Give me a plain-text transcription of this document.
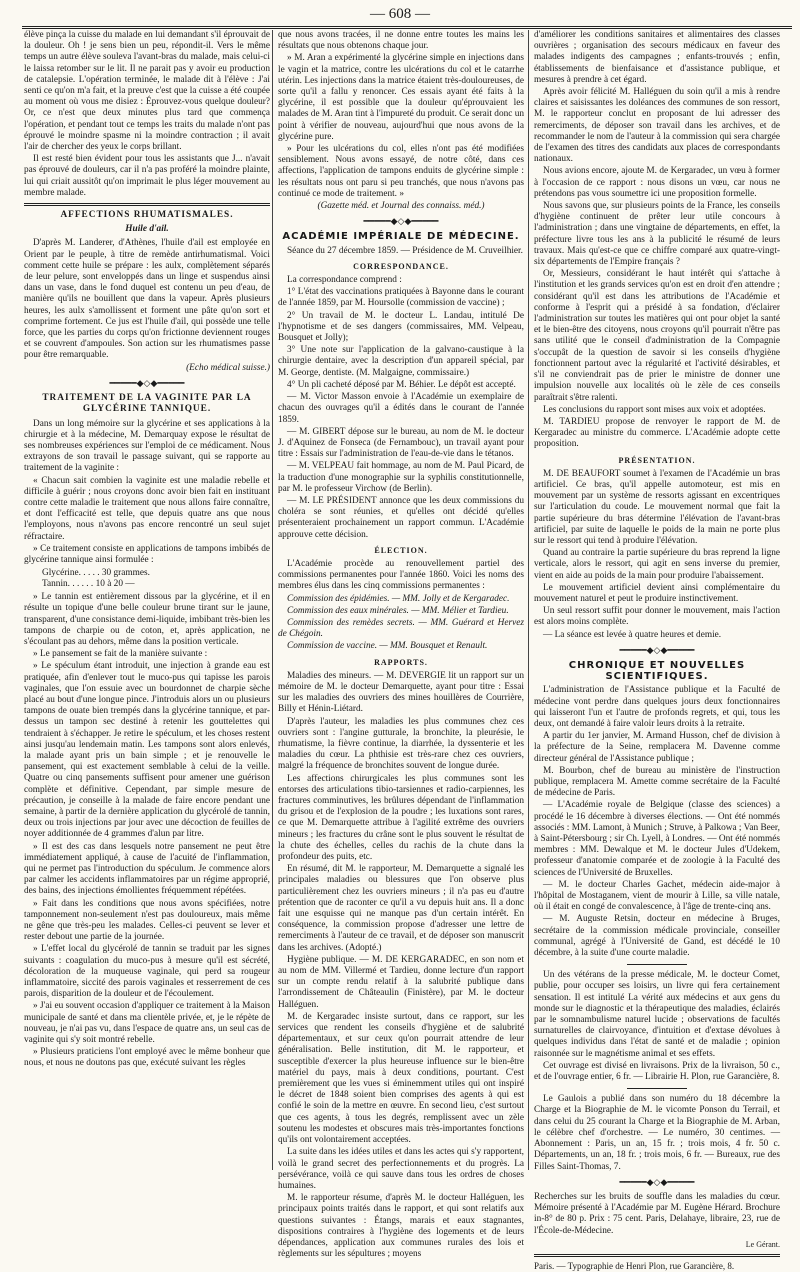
— 608 —

élève pinça la cuisse du malade en lui demandant s'il éprouvait de la douleur. Oh ! je sens bien un peu, répondit-il. Vers le même temps un autre élève souleva l'avant-bras du malade, mais celui-ci le laissa retomber sur le lit. Il ne parait pas y avoir eu production de catalepsie. L'opération terminée, le malade dit à l'élève : J'ai senti ce qu'on m'a fait, et la preuve c'est que la cuisse a été coupée au moment où vous me disiez : Éprouvez-vous quelque douleur? Or, ce n'est que deux minutes plus tard que commença l'opération, et pendant tout ce temps les traits du malade n'ont pas éprouvé le moindre spasme ni la moindre contraction ; il avait l'air de chercher des yeux le corps brillant.

Il est resté bien évident pour tous les assistants que J... n'avait pas éprouvé de douleurs, car il n'a pas proféré la moindre plainte, lui qui criait aussitôt qu'on imprimait le plus léger mouvement au membre malade.

AFFECTIONS RHUMATISMALES.
Huile d'ail.

D'après M. Landerer, d'Athènes, l'huile d'ail est employée en Orient par le peuple, à titre de remède antirhumatismal. Voici comment cette huile se prépare : les aulx, complètement séparés de leur pelure, sont enveloppés dans un linge et suspendus ainsi dans un vase, dans le fond duquel est contenu un peu d'eau, de manière qu'ils ne bouillent que dans la vapeur. Après plusieurs heures, les aulx s'amollissent et forment une pâte qu'on sort et comprime fortement. Ce jus est l'huile d'ail, qui possède une telle force, que les parties du corps qu'on frictionne deviennent rouges et se couvrent d'ampoules. Son action sur les rhumatismes passe pour être remarquable.

(Echo médical suisse.)
━━━━━◆◇◆━━━━━
TRAITEMENT DE LA VAGINITE PAR LA GLYCÉRINE TANNIQUE.

Dans un long mémoire sur la glycérine et ses applications à la chirurgie et à la médecine, M. Demarquay expose le résultat de ses nombreuses expériences sur l'emploi de ce médicament. Nous extrayons de son travail le passage suivant, qui se rapporte au traitement de la vaginite :

« Chacun sait combien la vaginite est une maladie rebelle et difficile à guérir ; nous croyons donc avoir bien fait en instituant contre cette maladie le traitement que nous allons faire connaître, et dont l'efficacité est telle, que depuis quatre ans que nous l'employons, nous n'avons pas encore rencontré un seul sujet réfractaire.

» Ce traitement consiste en applications de tampons imbibés de glycérine tannique ainsi formulée :

Glycérine. . . . . 30 grammes.
Tannin. . . . . . 10 à 20 —

» Le tannin est entièrement dissous par la glycérine, et il en résulte un topique d'une belle couleur brune tirant sur le jaune, transparent, d'une consistance demi-liquide, imbibant très-bien les tampons de charpie ou de coton, et, après application, ne s'écoulant pas au dehors, même dans la position verticale.

» Le pansement se fait de la manière suivante :

» Le spéculum étant introduit, une injection à grande eau est pratiquée, afin d'enlever tout le muco-pus qui tapisse les parois vaginales, que l'on essuie avec un bourdonnet de charpie sèche placé au bout d'une longue pince. J'introduis alors un ou plusieurs tampons de ouate bien trempés dans la glycérine tannique, et par-dessus un tampon sec destiné à retenir les gouttelettes qui tendraient à s'échapper. Je retire le spéculum, et les choses restent ainsi jusqu'au lendemain matin. Les tampons sont alors enlevés, la malade ayant pris un bain simple ; et je renouvelle le pansement, qui est exactement semblable à celui de la veille. Quatre ou cinq pansements suffisent pour amener une guérison complète et définitive. Cependant, par simple mesure de précaution, je conseille à la malade de faire encore pendant une semaine, à partir de la dernière application du glycérolé de tannin, deux ou trois injections par jour avec une décoction de feuilles de noyer additionnée de 4 grammes d'alun par litre.

» Il est des cas dans lesquels notre pansement ne peut être immédiatement appliqué, à cause de l'acuité de l'inflammation, qui ne permet pas l'introduction du spéculum. Je commence alors par calmer les accidents inflammatoires par un régime approprié, des bains, des injections émollientes fréquemment répétées.

» Fait dans les conditions que nous avons spécifiées, notre tamponnement non-seulement n'est pas douloureux, mais même ne gêne que très-peu les malades. Celles-ci peuvent se lever et rester debout une partie de la journée.

» L'effet local du glycérolé de tannin se traduit par les signes suivants : coagulation du muco-pus à mesure qu'il est sécrété, décoloration de la muqueuse vaginale, qui perd sa rougeur inflammatoire, siccité des parois vaginales et resserrement de ces parois, disparition de la douleur et de l'écoulement.

» J'ai eu souvent occasion d'appliquer ce traitement à la Maison municipale de santé et dans ma clientèle privée, et, je le répète de nouveau, je n'ai pas vu, dans l'espace de quatre ans, un seul cas de vaginite qui s'y soit montré rebelle.

» Plusieurs praticiens l'ont employé avec le même bonheur que nous, et nous ne doutons pas que, exécuté suivant les règles

que nous avons tracées, il ne donne entre toutes les mains les résultats que nous obtenons chaque jour.

» M. Aran a expérimenté la glycérine simple en injections dans le vagin et la matrice, contre les ulcérations du col et le catarrhe utérin. Les injections dans la matrice étaient très-douloureuses, de sorte qu'il a fallu y renoncer. Ces essais ayant été faits à la glycérine, il est possible que la douleur qu'éprouvaient les malades de M. Aran tint à l'impureté du produit. Ce serait donc un point à vérifier de nouveau, aujourd'hui que nous avons de la glycérine pure.

» Pour les ulcérations du col, elles n'ont pas été modifiées sensiblement. Nous avons essayé, de notre côté, dans ces affections, l'application de tampons enduits de glycérine simple : les résultats nous ont paru si peu tranchés, que nous n'avons pas continué ce mode de traitement. »

(Gazette méd. et Journal des connaiss. méd.)
━━━━━◆◇◆━━━━━
ACADÉMIE IMPÉRIALE DE MÉDECINE.

Séance du 27 décembre 1859. — Présidence de M. Cruveilhier.

CORRESPONDANCE.

La correspondance comprend :

1° L'état des vaccinations pratiquées à Bayonne dans le courant de l'année 1859, par M. Hoursolle (commission de vaccine) ;

2° Un travail de M. le docteur L. Landau, intitulé De l'hypnotisme et de ses dangers (commissaires, MM. Velpeau, Bousquet et Jolly);

3° Une note sur l'application de la galvano-caustique à la chirurgie dentaire, avec la description d'un appareil spécial, par M. George, dentiste. (M. Malgaigne, commissaire.)

4° Un pli cacheté déposé par M. Béhier. Le dépôt est accepté.

— M. Victor Masson envoie à l'Académie un exemplaire de chacun des ouvrages qu'il a édités dans le courant de l'année 1859.

— M. GIBERT dépose sur le bureau, au nom de M. le docteur J. d'Aquinez de Fonseca (de Fernambouc), un travail ayant pour titre : Essais sur l'administration de l'eau-de-vie dans le tétanos.

— M. VELPEAU fait hommage, au nom de M. Paul Picard, de la traduction d'une monographie sur la syphilis constitutionnelle, par M. le professeur Virchow (de Berlin).

— M. LE PRÉSIDENT annonce que les deux commissions du choléra se sont réunies, et qu'elles ont décidé qu'elles présenteraient prochainement un rapport commun. L'Académie approuve cette décision.

ÉLECTION.

L'Académie procède au renouvellement partiel des commissions permanentes pour l'année 1860. Voici les noms des membres élus dans les cinq commissions permanentes :

Commission des épidémies. — MM. Jolly et de Kergaradec.

Commission des eaux minérales. — MM. Mélier et Tardieu.

Commission des remèdes secrets. — MM. Guérard et Hervez de Chégoin.

Commission de vaccine. — MM. Bousquet et Renault.

RAPPORTS.

Maladies des mineurs. — M. DEVERGIE lit un rapport sur un mémoire de M. le docteur Demarquette, ayant pour titre : Essai sur les maladies des ouvriers des mines houillères de Courrière, Billy et Hénin-Liétard.

D'après l'auteur, les maladies les plus communes chez ces ouvriers sont : l'angine gutturale, la bronchite, la pleurésie, le rhumatisme, la fièvre continue, la diarrhée, la dyssenterie et les maladies du cœur. La phthisie est très-rare chez ces ouvriers, malgré la fréquence de bronchites souvent de longue durée.

Les affections chirurgicales les plus communes sont les entorses des articulations tibio-tarsiennes et radio-carpiennes, les fractures comminutives, les brûlures dépendant de l'inflammation du grisou et de l'explosion de la poudre ; les luxations sont rares, ce que M. Demarquette attribue à l'agilité extrême des ouvriers mineurs ; les fractures du crâne sont le plus souvent le résultat de la chute des échelles, celles du rachis de la chute dans la profondeur des puits, etc.

En résumé, dit M. le rapporteur, M. Demarquette a signalé les principales maladies ou blessures que l'on observe plus particulièrement chez les ouvriers mineurs ; il n'a pas eu d'autre prétention que de raconter ce qu'il a vu depuis huit ans. Il a donc fait une esquisse qui ne manque pas d'un certain intérêt. En conséquence, la commission propose d'adresser une lettre de remerciments à l'auteur de ce travail, et de déposer son manuscrit dans les archives. (Adopté.)

Hygiène publique. — M. DE KERGARADEC, en son nom et au nom de MM. Villermé et Tardieu, donne lecture d'un rapport sur un compte rendu relatif à la salubrité publique dans l'arrondissement de Châteaulin (Finistère), par M. le docteur Halléguen.

M. de Kergaradec insiste surtout, dans ce rapport, sur les services que rendent les conseils d'hygiène et de salubrité départementaux, et sur ceux qu'on pourrait attendre de leur généralisation. Belle institution, dit M. le rapporteur, et susceptible d'exercer la plus heureuse influence sur le bien-être matériel du pays, mais à deux conditions, pourtant. C'est premièrement que les vues si éminemment utiles qui ont inspiré le décret de 1848 soient bien comprises des agents à qui est confié le soin de la mettre en œuvre. En second lieu, c'est surtout que ces agents, à tous les degrés, remplissent avec un zèle soutenu les modestes et obscures mais très-importantes fonctions qu'ils ont volontairement acceptées.

La suite dans les idées utiles et dans les actes qui s'y rapportent, voilà le grand secret des perfectionnements et du progrès. La persévérance, voilà ce qui sauve dans tous les ordres de choses humaines.

M. le rapporteur résume, d'après M. le docteur Halléguen, les principaux points traités dans le rapport, et qui sont relatifs aux questions suivantes : Étangs, marais et eaux stagnantes, dispositions contraires à l'hygiène des logements et de leurs dépendances, application aux communes rurales des lois et règlements sur les sépultures ; moyens

d'améliorer les conditions sanitaires et alimentaires des classes ouvrières ; organisation des secours médicaux en faveur des malades indigents des campagnes ; enfants-trouvés ; enfin, établissements de bienfaisance et d'assistance publique, et mesures à prendre à cet égard.

Après avoir félicité M. Halléguen du soin qu'il a mis à rendre claires et saisissantes les doléances des communes de son ressort, M. le rapporteur conclut en proposant de lui adresser des remerciments, de déposer son travail dans les archives, et de recommander le nom de l'auteur à la commission qui sera chargée de l'examen des titres des candidats aux places de correspondants nationaux.

Nous avions encore, ajoute M. de Kergaradec, un vœu à former à l'occasion de ce rapport : nous disons un vœu, car nous ne prétendons pas vous soumettre ici une proposition formelle.

Nous savons que, sur plusieurs points de la France, les conseils d'hygiène continuent de prêter leur utile concours à l'administration ; dans une vingtaine de départements, en effet, la préfecture livre tous les ans à la publicité le résumé de leurs travaux. Mais qu'est-ce que ce chiffre comparé aux quatre-vingt-six départements de l'Empire français ?

Or, Messieurs, considérant le haut intérêt qui s'attache à l'institution et les grands services qu'on est en droit d'en attendre ; considérant qu'il est dans les attributions de l'Académie et conforme à l'esprit qui a présidé à sa fondation, d'éclairer l'administration sur toutes les matières qui ont pour objet la santé et le bien-être des citoyens, nous croyons qu'il pourrait n'être pas sans utilité que le conseil d'administration de la Compagnie s'occupât de la question de savoir si les conseils d'hygiène fonctionnent partout avec la régularité et l'activité désirables, et s'il ne conviendrait pas de prier le ministre de donner une impulsion nouvelle aux localités où le zèle de ces conseils paraîtrait s'être ralenti.

Les conclusions du rapport sont mises aux voix et adoptées.

M. TARDIEU propose de renvoyer le rapport de M. de Kergaradec au ministre du commerce. L'Académie adopte cette proposition.

PRÉSENTATION.

M. DE BEAUFORT soumet à l'examen de l'Académie un bras artificiel. Ce bras, qu'il appelle automoteur, est mis en mouvement par un système de ressorts agissant en excentriques sur l'articulation du coude. Le mouvement normal que fait la partie supérieure du bras détermine l'élévation de l'avant-bras artificiel, par suite de laquelle le poids de la main ne porte plus sur le ressort qui tend à produire l'élévation.

Quand au contraire la partie supérieure du bras reprend la ligne verticale, alors le ressort, qui agit en sens inverse du premier, vient en aide au poids de la main pour produire l'abaissement.

Le mouvement artificiel devient ainsi complémentaire du mouvement naturel et peut le produire instinctivement.

Un seul ressort suffit pour donner le mouvement, mais l'action est alors moins complète.

— La séance est levée à quatre heures et demie.

━━━━━◆◇◆━━━━━
CHRONIQUE ET NOUVELLES SCIENTIFIQUES.

L'administration de l'Assistance publique et la Faculté de médecine vont perdre dans quelques jours deux fonctionnaires qui laisseront l'un et l'autre de profonds regrets, et qui, tous les deux, ont demandé à faire valoir leurs droits à la retraite.

A partir du 1er janvier, M. Armand Husson, chef de division à la préfecture de la Seine, remplacera M. Davenne comme directeur général de l'Assistance publique ;

M. Bourbon, chef de bureau au ministère de l'instruction publique, remplacera M. Amette comme secrétaire de la Faculté de médecine de Paris.

— L'Académie royale de Belgique (classe des sciences) a procédé le 16 décembre à diverses élections. — Ont été nommés associés : MM. Lamont, à Munich ; Struve, à Palkowa ; Van Beer, à Saint-Pétersbourg ; sir Ch. Lyell, à Londres. — Ont été nommés membres : MM. Dewalque et M. le docteur Jules d'Udekem, professeur d'anatomie comparée et de zoologie à la Faculté des sciences de l'Université de Bruxelles.

— M. le docteur Charles Gachet, médecin aide-major à l'hôpital de Mostaganem, vient de mourir à Lille, sa ville natale, où il était en congé de convalescence, à l'âge de trente-cinq ans.

— M. Auguste Retsin, docteur en médecine à Bruges, secrétaire de la commission médicale provinciale, conseiller communal, agrégé à l'Université de Gand, est décédé le 10 décembre, à la suite d'une courte maladie.

Un des vétérans de la presse médicale, M. le docteur Comet, publie, pour occuper ses loisirs, un livre qui fera certainement sensation. Il est intitulé La vérité aux médecins et aux gens du monde sur le diagnostic et la thérapeutique des maladies, éclairés par le somnambulisme naturel lucide ; observations de facultés surnaturelles de clairvoyance, d'intuition et d'extase dévolues à quelques individus dans l'état de santé et de maladie ; opinion raisonnée sur le magnétisme animal et ses effets.

Cet ouvrage est divisé en livraisons. Prix de la livraison, 50 c., et de l'ouvrage entier, 6 fr. — Librairie H. Plon, rue Garancière, 8.

Le Gaulois a publié dans son numéro du 18 décembre la Charge et la Biographie de M. le vicomte Ponson du Terrail, et dans celui du 25 courant la Charge et la Biographie de M. Arban, le célèbre chef d'orchestre. — Le numéro, 30 centimes. — Abonnement : Paris, un an, 15 fr. ; trois mois, 4 fr. 50 c. Départements, un an, 18 fr. ; trois mois, 6 fr. — Bureaux, rue des Filles Saint-Thomas, 7.

━━━━━◆◇◆━━━━━

Recherches sur les bruits de souffle dans les maladies du cœur. Mémoire présenté à l'Académie par M. Eugène Hérard. Brochure in-8° de 80 p. Prix : 75 cent. Paris, Delahaye, libraire, 23, rue de l'École-de-Médecine.

Le Gérant.
Paris. — Typographie de Henri Plon, rue Garancière, 8.
